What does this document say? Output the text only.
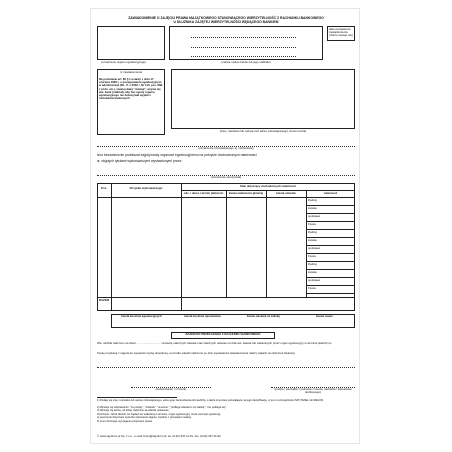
ZAWIADOMIENIE O ZAJĘCIU PRAWA MAJĄTKOWEGO STANOWIĄCEGO WIERZYTELNOŚĆ Z RACHUNKU BANKOWEGO
U DŁUŻNIKA ZAJĘTEJ WIERZYTELNOŚCI BĘDĄCEGO BANKIEM
(oznaczenie organu egzekucyjnego)	(nazwa i adres banku lub jego oddziału)
data wystawienia zawiadomienia (dzień-miesiąc-rok)
nr zawiadomienia
Na podstawie art. 80 § 1 ustawy z dnia 17 czerwca 1966 r. o postępowaniu egzekucyjnym w administracji (Dz. U. z 2002 r. Nr 110, poz. 968, z późn. zm.), zwanej dalej "ustawą", wzywa się ww. bank (oddział), aby bez zgody organu egzekucyjnego nie dokonywał wypłat z rachunków bankowych
(imię i nazwisko lub nazwa oraz adres zobowiązanego) (numer konta)
(oznaczenie zobowiązanego 1) i rachunków)
lecz bezzwłocznie przekazał zajętą kwotę organowi egzekucyjnemu na pokrycie dochodzonych należności
► objętych tytułami wykonawczymi wystawionymi przez:
(oznaczenie wierzyciela)
Poz.	Nr tytułu wykonawczego	Stan dotyczący dochodzonych należności
odc. i okres / termin płatności	kwota należności głównej	kwota odsetek	należność
Rodzaj
stawka
podstawa
Kwota
Rodzaj
stawka
podstawa
Kwota
Rodzaj
stawka
podstawa
Kwota
RAZEM
kwota kosztów egzekucyjnych	kwota kosztów upomnienia	kwota odsetek za zwłokę	kwota razem
RAZEM DO PRZEKAZANIA Z RACHUNKU BANKOWEGO
Ww. oddział naliczono na dzień ............................... za kwotę należnych odsetek oraz należnych odsetek od dnia ww. stawek lub wskazanych przez organ egzekucyjny w terminie płatniczym.
Kwotę uzyskaną z zajęcia do wysokości wyżej określonej, a przedło odsetki naliczone po dniu wystawienia zawiadomienia należy wpłacić na rachunek bankowy
(nazwa banku i nr konta)	(podpis i pieczątka z podaniem imienia, nazwiska i stanowiska służbowego)
1) Podaje się imię i nazwisko lub nazwę zobowiązanego, adres jego zamieszkania lub siedziby, a także inne dane pozwalające na jego identyfikację, w tym w szczególności NIP, PESEL lub REGON.
2) Wpisuje się odpowiednio: "za potrąty", "odsetek", "umowne", "podlega odsetkom za zwłokę", "nie podlega się".
3) Wpisuje się kwotę, od której naliczane są odsetki ustawowe.
Pouczenie: Jeżeli dłużnik nie zapłaci we wskazanym terminie, organ egzekucyjny może wszcząć egzekucję.
a) pouczenie dotyczące sposobu wykonania zajęcia, zgodnie z przepisami ustawy.
b) inne informacje wymagane przepisami prawa.
© www.signform.pl Sp. z o.o., e-mail: biuro@signform.pl, tel. (0-22) 337-11-51, fax: (0-22) 337-11-62
